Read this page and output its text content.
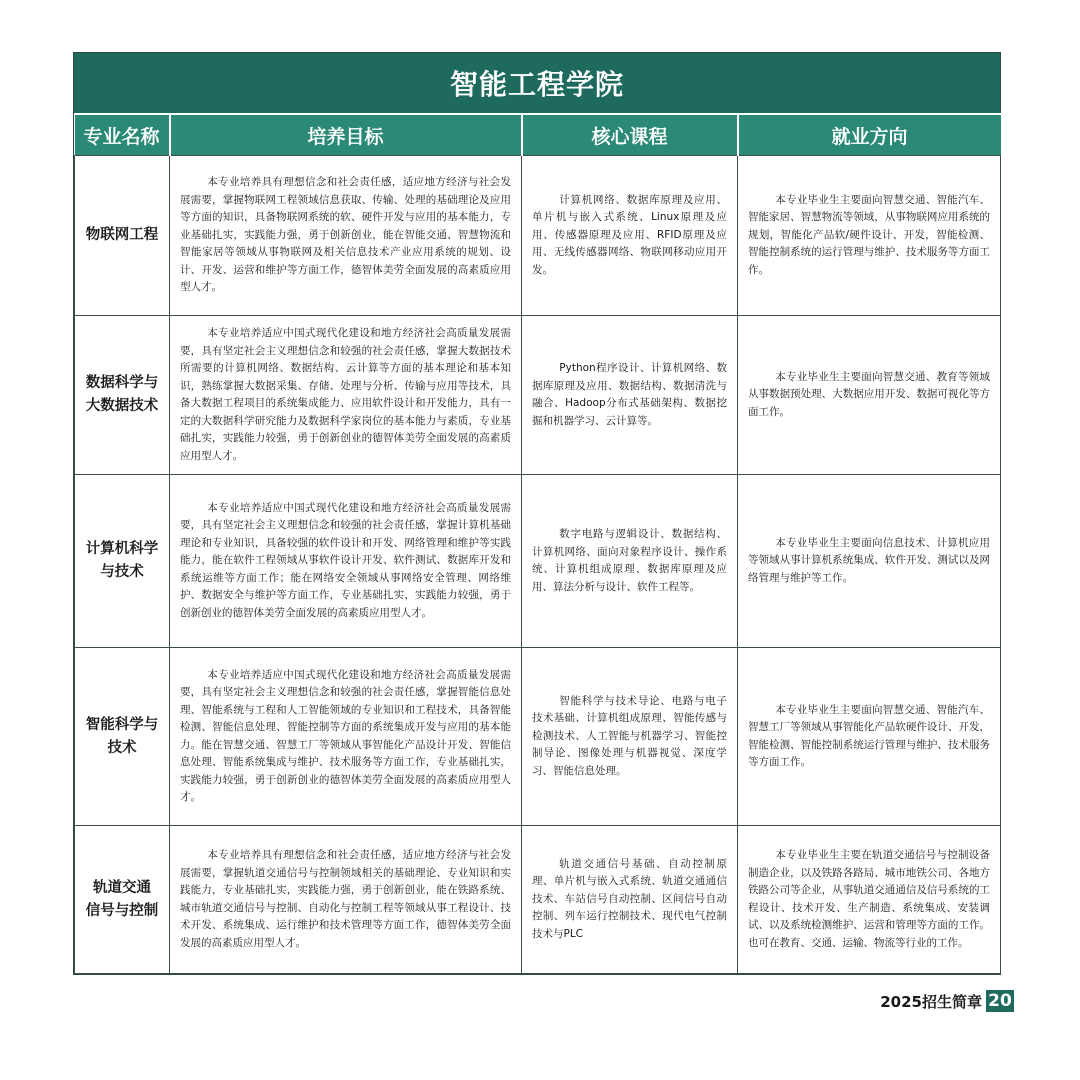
智能工程学院
专业名称	培养目标	核心课程	就业方向

物联网工程	本专业培养具有理想信念和社会责任感，适应地方经济与社会发展需要，掌握物联网工程领域信息获取、传输、处理的基础理论及应用等方面的知识，具备物联网系统的软、硬件开发与应用的基本能力，专业基础扎实，实践能力强，勇于创新创业，能在智能交通、智慧物流和智能家居等领域从事物联网及相关信息技术产业应用系统的规划、设计、开发、运营和维护等方面工作，德智体美劳全面发展的高素质应用型人才。	计算机网络、数据库原理及应用、单片机与嵌入式系统、Linux原理及应用、传感器原理及应用、RFID原理及应用、无线传感器网络、物联网移动应用开发。	本专业毕业生主要面向智慧交通、智能汽车、智能家居、智慧物流等领域，从事物联网应用系统的规划，智能化产品软/硬件设计、开发，智能检测、智能控制系统的运行管理与维护、技术服务等方面工作。

数据科学与
大数据技术	本专业培养适应中国式现代化建设和地方经济社会高质量发展需要，具有坚定社会主义理想信念和较强的社会责任感，掌握大数据技术所需要的计算机网络、数据结构、云计算等方面的基本理论和基本知识，熟练掌握大数据采集、存储、处理与分析、传输与应用等技术，具备大数据工程项目的系统集成能力、应用软件设计和开发能力，具有一定的大数据科学研究能力及数据科学家岗位的基本能力与素质，专业基础扎实，实践能力较强，勇于创新创业的德智体美劳全面发展的高素质应用型人才。	Python程序设计、计算机网络、数据库原理及应用、数据结构、数据清洗与融合、Hadoop分布式基础架构、数据挖掘和机器学习、云计算等。	本专业毕业生主要面向智慧交通、教育等领域从事数据预处理、大数据应用开发、数据可视化等方面工作。

计算机科学
与技术	本专业培养适应中国式现代化建设和地方经济社会高质量发展需要，具有坚定社会主义理想信念和较强的社会责任感，掌握计算机基础理论和专业知识，具备较强的软件设计和开发、网络管理和维护等实践能力，能在软件工程领域从事软件设计开发、软件测试、数据库开发和系统运维等方面工作；能在网络安全领域从事网络安全管理、网络维护、数据安全与维护等方面工作，专业基础扎实，实践能力较强，勇于创新创业的德智体美劳全面发展的高素质应用型人才。	数字电路与逻辑设计、数据结构、计算机网络、面向对象程序设计、操作系统、计算机组成原理、数据库原理及应用、算法分析与设计、软件工程等。	本专业毕业生主要面向信息技术、计算机应用等领域从事计算机系统集成、软件开发、测试以及网络管理与维护等工作。

智能科学与
技术	本专业培养适应中国式现代化建设和地方经济社会高质量发展需要，具有坚定社会主义理想信念和较强的社会责任感，掌握智能信息处理、智能系统与工程和人工智能领域的专业知识和工程技术，具备智能检测、智能信息处理、智能控制等方面的系统集成开发与应用的基本能力。能在智慧交通、智慧工厂等领域从事智能化产品设计开发、智能信息处理、智能系统集成与维护、技术服务等方面工作，专业基础扎实，实践能力较强，勇于创新创业的德智体美劳全面发展的高素质应用型人才。	智能科学与技术导论、电路与电子技术基础、计算机组成原理、智能传感与检测技术、人工智能与机器学习、智能控制导论、图像处理与机器视觉、深度学习、智能信息处理。	本专业毕业生主要面向智慧交通、智能汽车、智慧工厂等领域从事智能化产品软硬件设计、开发，智能检测、智能控制系统运行管理与维护、技术服务等方面工作。

轨道交通
信号与控制	本专业培养具有理想信念和社会责任感，适应地方经济与社会发展需要，掌握轨道交通信号与控制领域相关的基础理论、专业知识和实践能力，专业基础扎实，实践能力强，勇于创新创业，能在铁路系统、城市轨道交通信号与控制、自动化与控制工程等领域从事工程设计、技术开发、系统集成、运行维护和技术管理等方面工作，德智体美劳全面发展的高素质应用型人才。	轨道交通信号基础、自动控制原理、单片机与嵌入式系统、轨道交通通信技术、车站信号自动控制、区间信号自动控制、列车运行控制技术、现代电气控制技术与PLC	本专业毕业生主要在轨道交通信号与控制设备制造企业，以及铁路各路局、城市地铁公司、各地方铁路公司等企业，从事轨道交通通信及信号系统的工程设计、技术开发、生产制造、系统集成、安装调试、以及系统检测维护、运营和管理等方面的工作。也可在教育、交通、运输、物流等行业的工作。
2025招生简章 20
